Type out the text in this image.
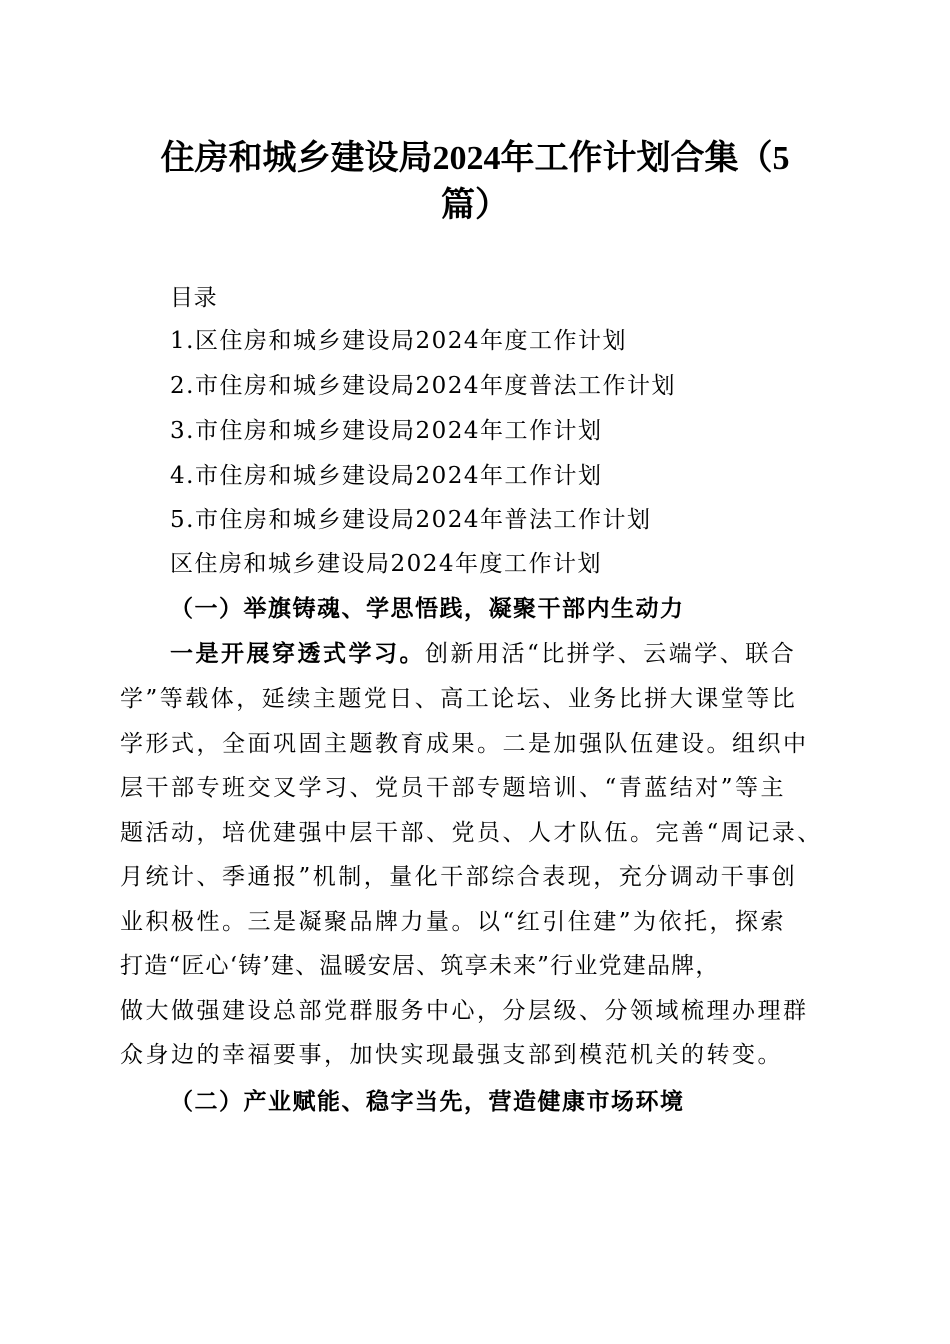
住房和城乡建设局2024年工作计划合集（5
篇）
目录
1.区住房和城乡建设局2024年度工作计划
2.市住房和城乡建设局2024年度普法工作计划
3.市住房和城乡建设局2024年工作计划
4.市住房和城乡建设局2024年工作计划
5.市住房和城乡建设局2024年普法工作计划
区住房和城乡建设局2024年度工作计划
（一）举旗铸魂、学思悟践，凝聚干部内生动力
一是开展穿透式学习。创新用活“比拼学、云端学、联合
学”等载体，延续主题党日、高工论坛、业务比拼大课堂等比
学形式，全面巩固主题教育成果。二是加强队伍建设。组织中
层干部专班交叉学习、党员干部专题培训、“青蓝结对”等主
题活动，培优建强中层干部、党员、人才队伍。完善“周记录、
月统计、季通报”机制，量化干部综合表现，充分调动干事创
业积极性。三是凝聚品牌力量。以“红引住建”为依托，探索
打造“匠心‘铸’建、温暖安居、筑享未来”行业党建品牌，
做大做强建设总部党群服务中心，分层级、分领域梳理办理群
众身边的幸福要事，加快实现最强支部到模范机关的转变。
（二）产业赋能、稳字当先，营造健康市场环境
